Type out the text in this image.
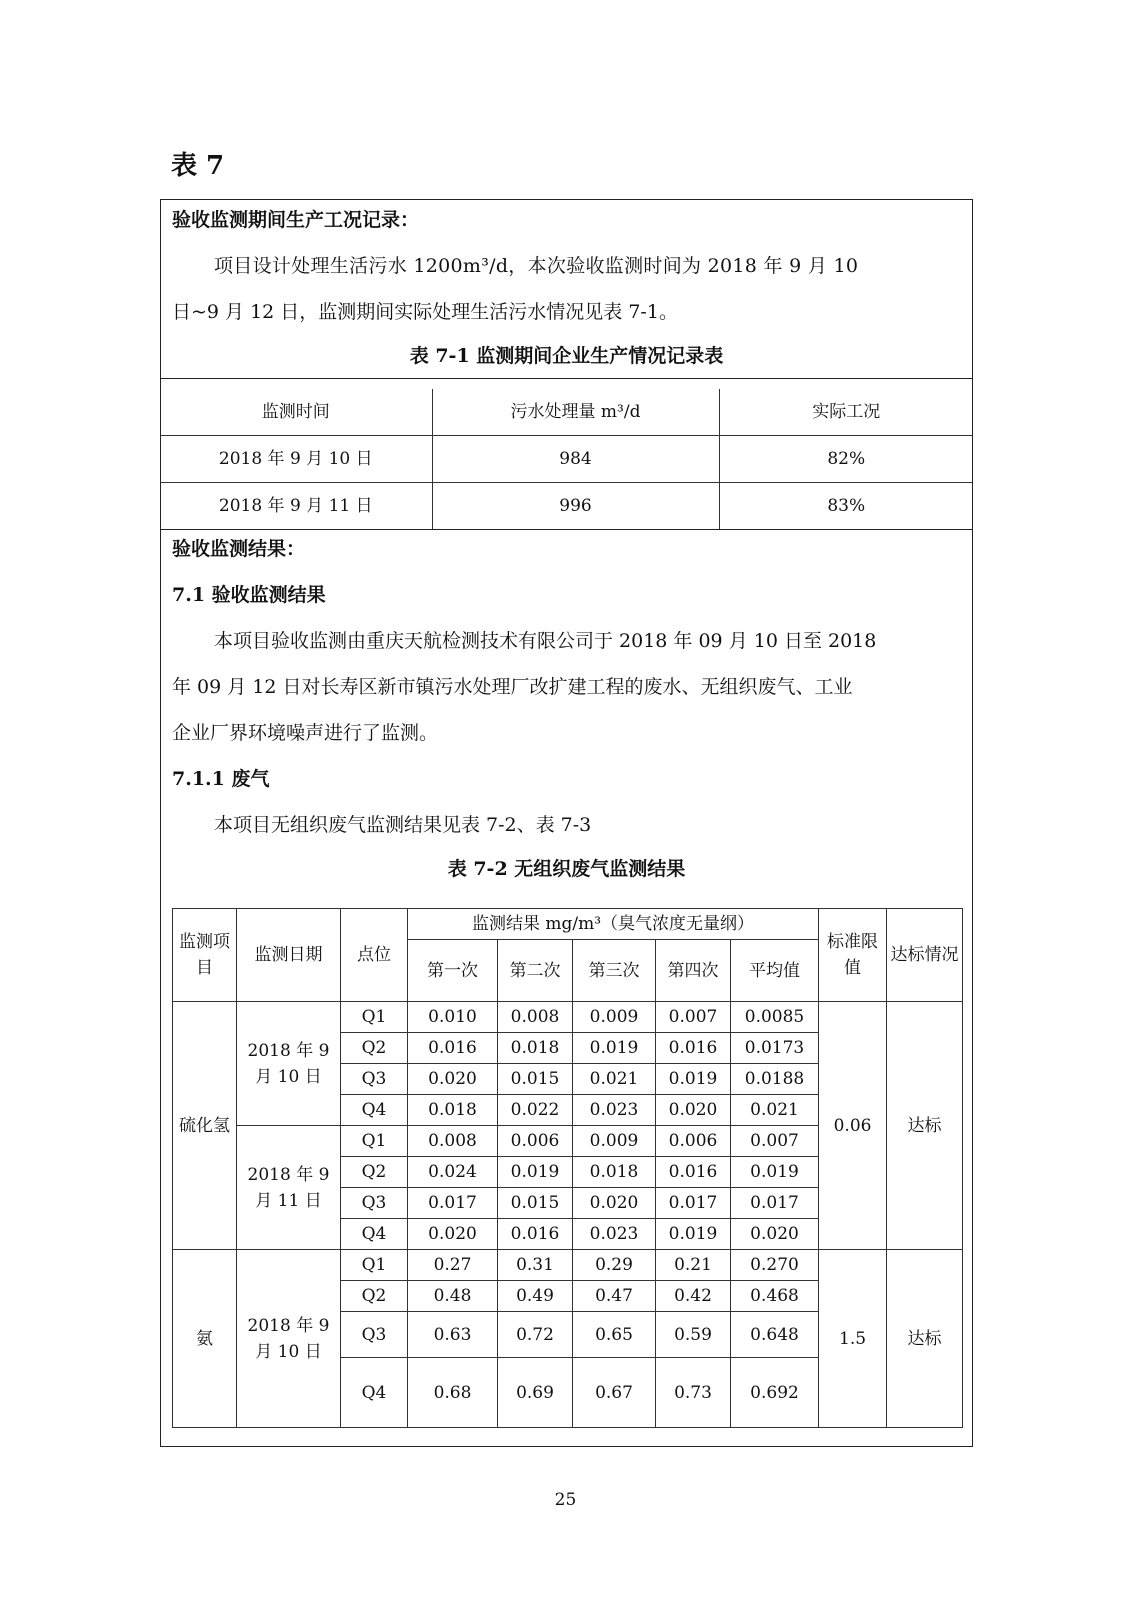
表 7
验收监测期间生产工况记录：
项目设计处理生活污水 1200m³/d，本次验收监测时间为 2018 年 9 月 10
日~9 月 12 日，监测期间实际处理生活污水情况见表 7-1。
表 7-1 监测期间企业生产情况记录表
监测时间	污水处理量 m³/d	实际工况
2018 年 9 月 10 日	984	82%
2018 年 9 月 11 日	996	83%
验收监测结果：
7.1 验收监测结果
本项目验收监测由重庆天航检测技术有限公司于 2018 年 09 月 10 日至 2018
年 09 月 12 日对长寿区新市镇污水处理厂改扩建工程的废水、无组织废气、工业
企业厂界环境噪声进行了监测。
7.1.1 废气
本项目无组织废气监测结果见表 7-2、表 7-3
表 7-2 无组织废气监测结果
监测项目	监测日期	点位	监测结果 mg/m³（臭气浓度无量纲）					标准限值	达标情况
			第一次	第二次	第三次	第四次	平均值		
硫化氢	2018 年 9 月 10 日	Q1	0.010	0.008	0.009	0.007	0.0085	0.06	达标
		Q2	0.016	0.018	0.019	0.016	0.0173		
		Q3	0.020	0.015	0.021	0.019	0.0188		
		Q4	0.018	0.022	0.023	0.020	0.021		
	2018 年 9 月 11 日	Q1	0.008	0.006	0.009	0.006	0.007		
		Q2	0.024	0.019	0.018	0.016	0.019		
		Q3	0.017	0.015	0.020	0.017	0.017		
		Q4	0.020	0.016	0.023	0.019	0.020		
氨	2018 年 9 月 10 日	Q1	0.27	0.31	0.29	0.21	0.270	1.5	达标
		Q2	0.48	0.49	0.47	0.42	0.468		
		Q3	0.63	0.72	0.65	0.59	0.648		
		Q4	0.68	0.69	0.67	0.73	0.692		
25
